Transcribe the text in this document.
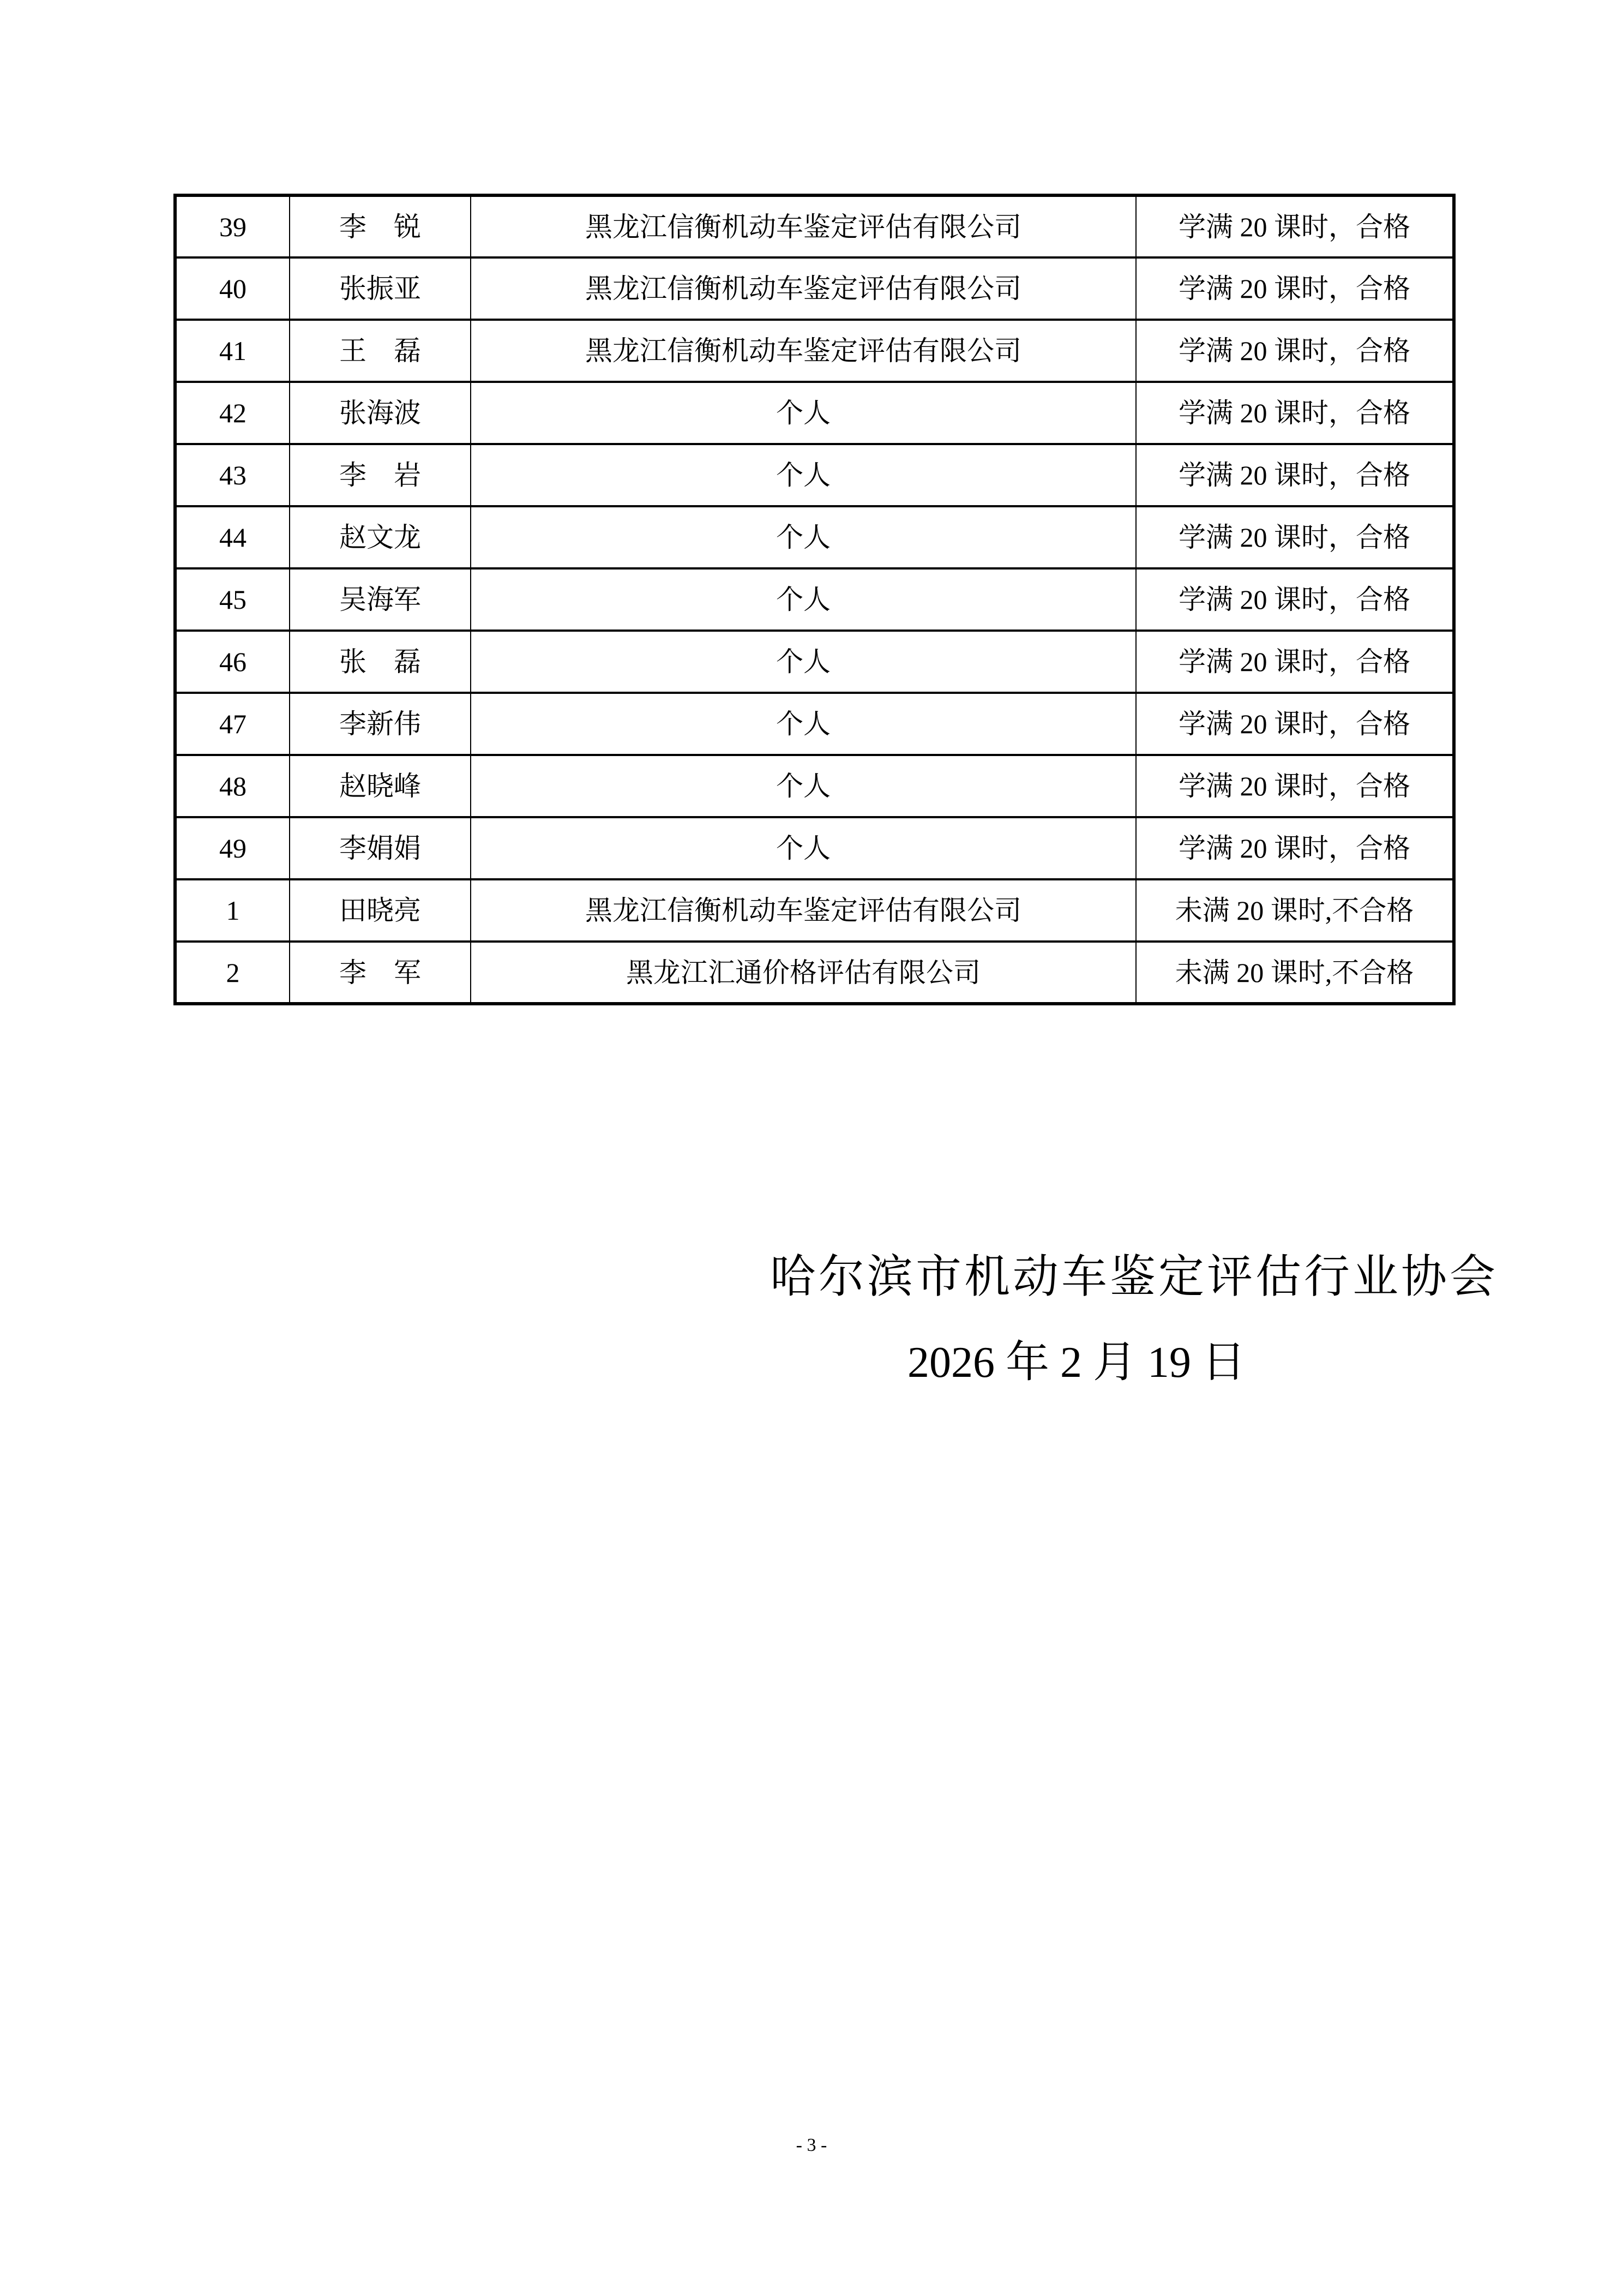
39	李　锐	黑龙江信衡机动车鉴定评估有限公司	学满 20 课时，合格
40	张振亚	黑龙江信衡机动车鉴定评估有限公司	学满 20 课时，合格
41	王　磊	黑龙江信衡机动车鉴定评估有限公司	学满 20 课时，合格
42	张海波	个人	学满 20 课时，合格
43	李　岩	个人	学满 20 课时，合格
44	赵文龙	个人	学满 20 课时，合格
45	吴海军	个人	学满 20 课时，合格
46	张　磊	个人	学满 20 课时，合格
47	李新伟	个人	学满 20 课时，合格
48	赵晓峰	个人	学满 20 课时，合格
49	李娟娟	个人	学满 20 课时，合格
1	田晓亮	黑龙江信衡机动车鉴定评估有限公司	未满 20 课时,不合格
2	李　军	黑龙江汇通价格评估有限公司	未满 20 课时,不合格
哈尔滨市机动车鉴定评估行业协会
2026 年 2 月 19 日
- 3 -
